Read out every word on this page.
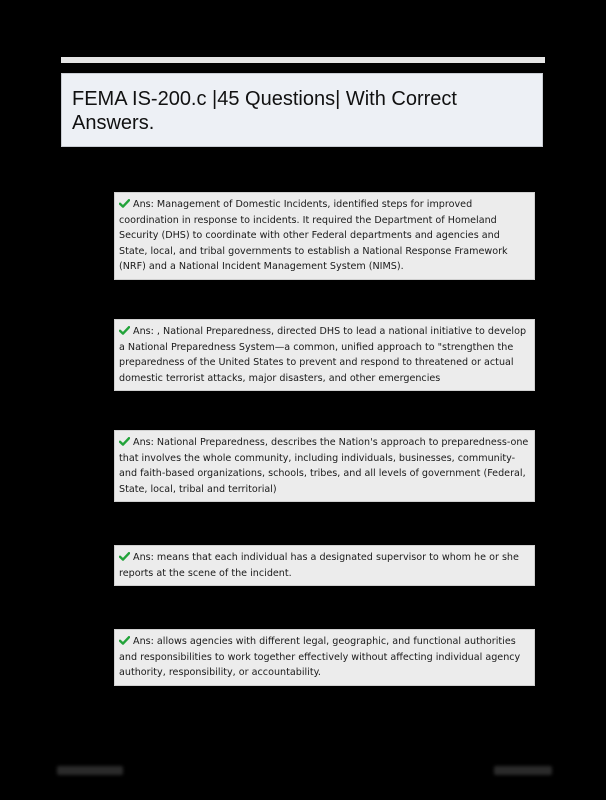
FEMA IS-200.c |45 Questions| With Correct Answers.
Ans: Management of Domestic Incidents, identified steps for improved coordination in response to incidents. It required the Department of Homeland Security (DHS) to coordinate with other Federal departments and agencies and State, local, and tribal governments to establish a National Response Framework (NRF) and a National Incident Management System (NIMS).
Ans: , National Preparedness, directed DHS to lead a national initiative to develop a National Preparedness System—a common, unified approach to "strengthen the preparedness of the United States to prevent and respond to threatened or actual domestic terrorist attacks, major disasters, and other emergencies
Ans: National Preparedness, describes the Nation's approach to preparedness-one that involves the whole community, including individuals, businesses, community- and faith-based organizations, schools, tribes, and all levels of government (Federal, State, local, tribal and territorial)
Ans: means that each individual has a designated supervisor to whom he or she reports at the scene of the incident.
Ans: allows agencies with different legal, geographic, and functional authorities and responsibilities to work together effectively without affecting individual agency authority, responsibility, or accountability.
